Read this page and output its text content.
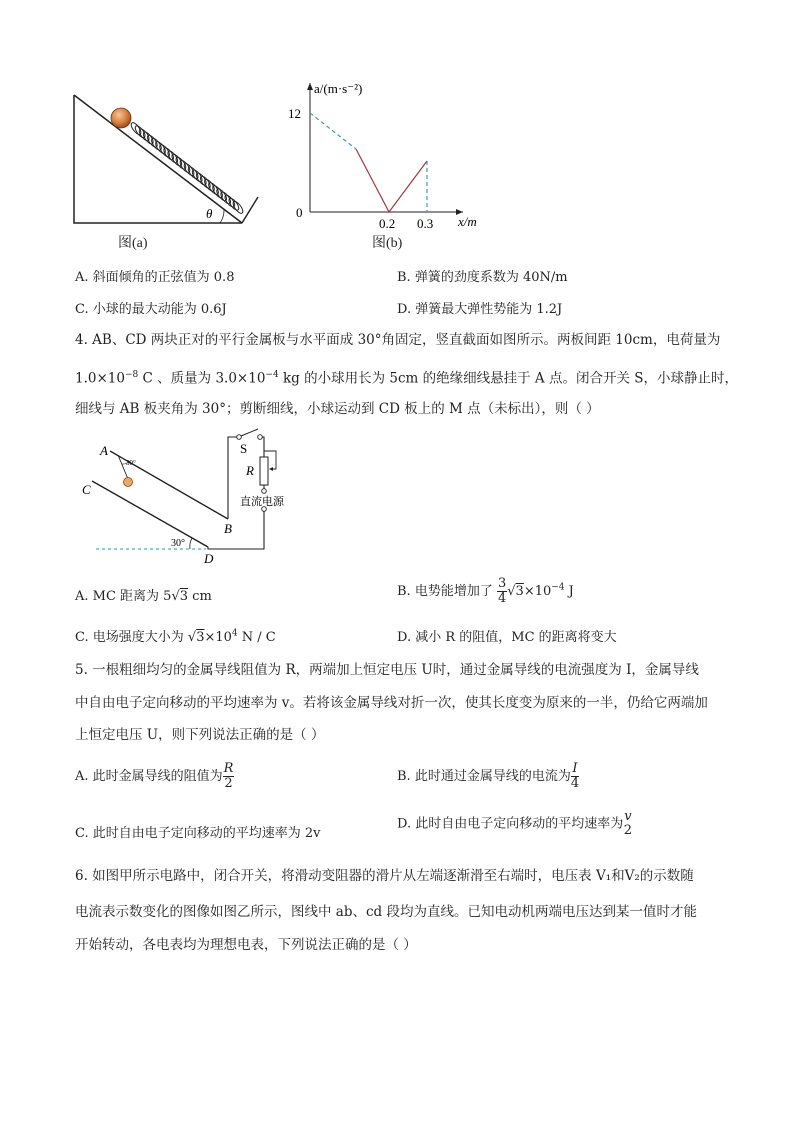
θ
图(a)
a/(m·s⁻²)
12
0
0.2 0.3 x/m
图(b)
A. 斜面倾角的正弦值为 0.8	B. 弹簧的劲度系数为 40N/m
C. 小球的最大动能为 0.6J	D. 弹簧最大弹性势能为 1.2J
4. AB、CD 两块正对的平行金属板与水平面成 30°角固定，竖直截面如图所示。两板间距 10cm，电荷量为
$1.0\times 10^{-8}$ C 、质量为 $3.0\times 10^{-4}$ kg 的小球用长为 5cm 的绝缘细线悬挂于 A 点。闭合开关 S，小球静止时，
细线与 AB 板夹角为 30°；剪断细线，小球运动到 CD 板上的 M 点（未标出），则（ ）
A
C
B
D
S
R
直流电源
30°
30°
A. MC 距离为 5√3 cm	B. 电势能增加了 $\frac{3}{4} √3\times 10^{-4}$ J
C. 电场强度大小为 $√3\times 10^4$ N / C	D. 减小 R 的阻值，MC 的距离将变大
5. 一根粗细均匀的金属导线阻值为 R，两端加上恒定电压 U时，通过金属导线的电流强度为 I，金属导线
中自由电子定向移动的平均速率为 v。若将该金属导线对折一次，使其长度变为原来的一半，仍给它两端加
上恒定电压 U，则下列说法正确的是（ ）
A. 此时金属导线的阻值为 $\frac{R}{2}$	B. 此时通过金属导线的电流为 $\frac{I}{4}$
C. 此时自由电子定向移动的平均速率为 2v
D. 此时自由电子定向移动的平均速率为 v
2
6. 如图甲所示电路中，闭合开关，将滑动变阻器的滑片从左端逐渐滑至右端时，电压表 V₁和V₂的示数随
电流表示数变化的图像如图乙所示，图线中 ab、cd 段均为直线。已知电动机两端电压达到某一值时才能
开始转动，各电表均为理想电表，下列说法正确的是（ ）
